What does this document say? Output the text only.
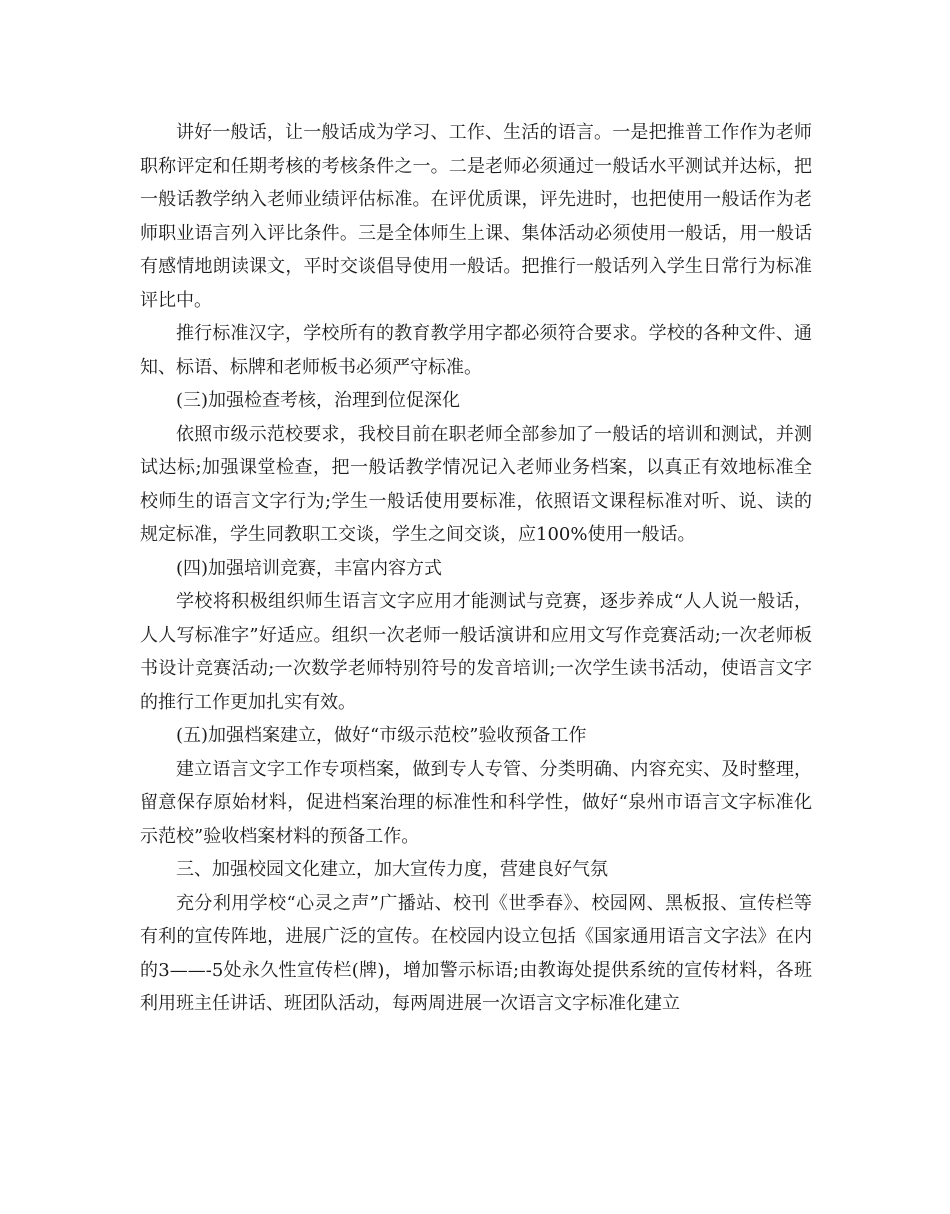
讲好一般话，让一般话成为学习、工作、生活的语言。一是把推普工作作为老师职称评定和任期考核的考核条件之一。二是老师必须通过一般话水平测试并达标，把一般话教学纳入老师业绩评估标准。在评优质课，评先进时，也把使用一般话作为老师职业语言列入评比条件。三是全体师生上课、集体活动必须使用一般话，用一般话有感情地朗读课文，平时交谈倡导使用一般话。把推行一般话列入学生日常行为标准评比中。

推行标准汉字，学校所有的教育教学用字都必须符合要求。学校的各种文件、通知、标语、标牌和老师板书必须严守标准。

(三)加强检查考核，治理到位促深化

依照市级示范校要求，我校目前在职老师全部参加了一般话的培训和测试，并测试达标;加强课堂检查，把一般话教学情况记入老师业务档案，以真正有效地标准全校师生的语言文字行为;学生一般话使用要标准，依照语文课程标准对听、说、读的规定标准，学生同教职工交谈，学生之间交谈，应100%使用一般话。

(四)加强培训竞赛，丰富内容方式

学校将积极组织师生语言文字应用才能测试与竞赛，逐步养成“人人说一般话，人人写标准字”好适应。组织一次老师一般话演讲和应用文写作竞赛活动;一次老师板书设计竞赛活动;一次数学老师特别符号的发音培训;一次学生读书活动，使语言文字的推行工作更加扎实有效。

(五)加强档案建立，做好“市级示范校”验收预备工作

建立语言文字工作专项档案，做到专人专管、分类明确、内容充实、及时整理，留意保存原始材料，促进档案治理的标准性和科学性，做好“泉州市语言文字标准化示范校”验收档案材料的预备工作。

三、加强校园文化建立，加大宣传力度，营建良好气氛

充分利用学校“心灵之声”广播站、校刊《世季春》、校园网、黑板报、宣传栏等有利的宣传阵地，进展广泛的宣传。在校园内设立包括《国家通用语言文字法》在内的3——-5处永久性宣传栏(牌)，增加警示标语;由教诲处提供系统的宣传材料，各班利用班主任讲话、班团队活动，每两周进展一次语言文字标准化建立
